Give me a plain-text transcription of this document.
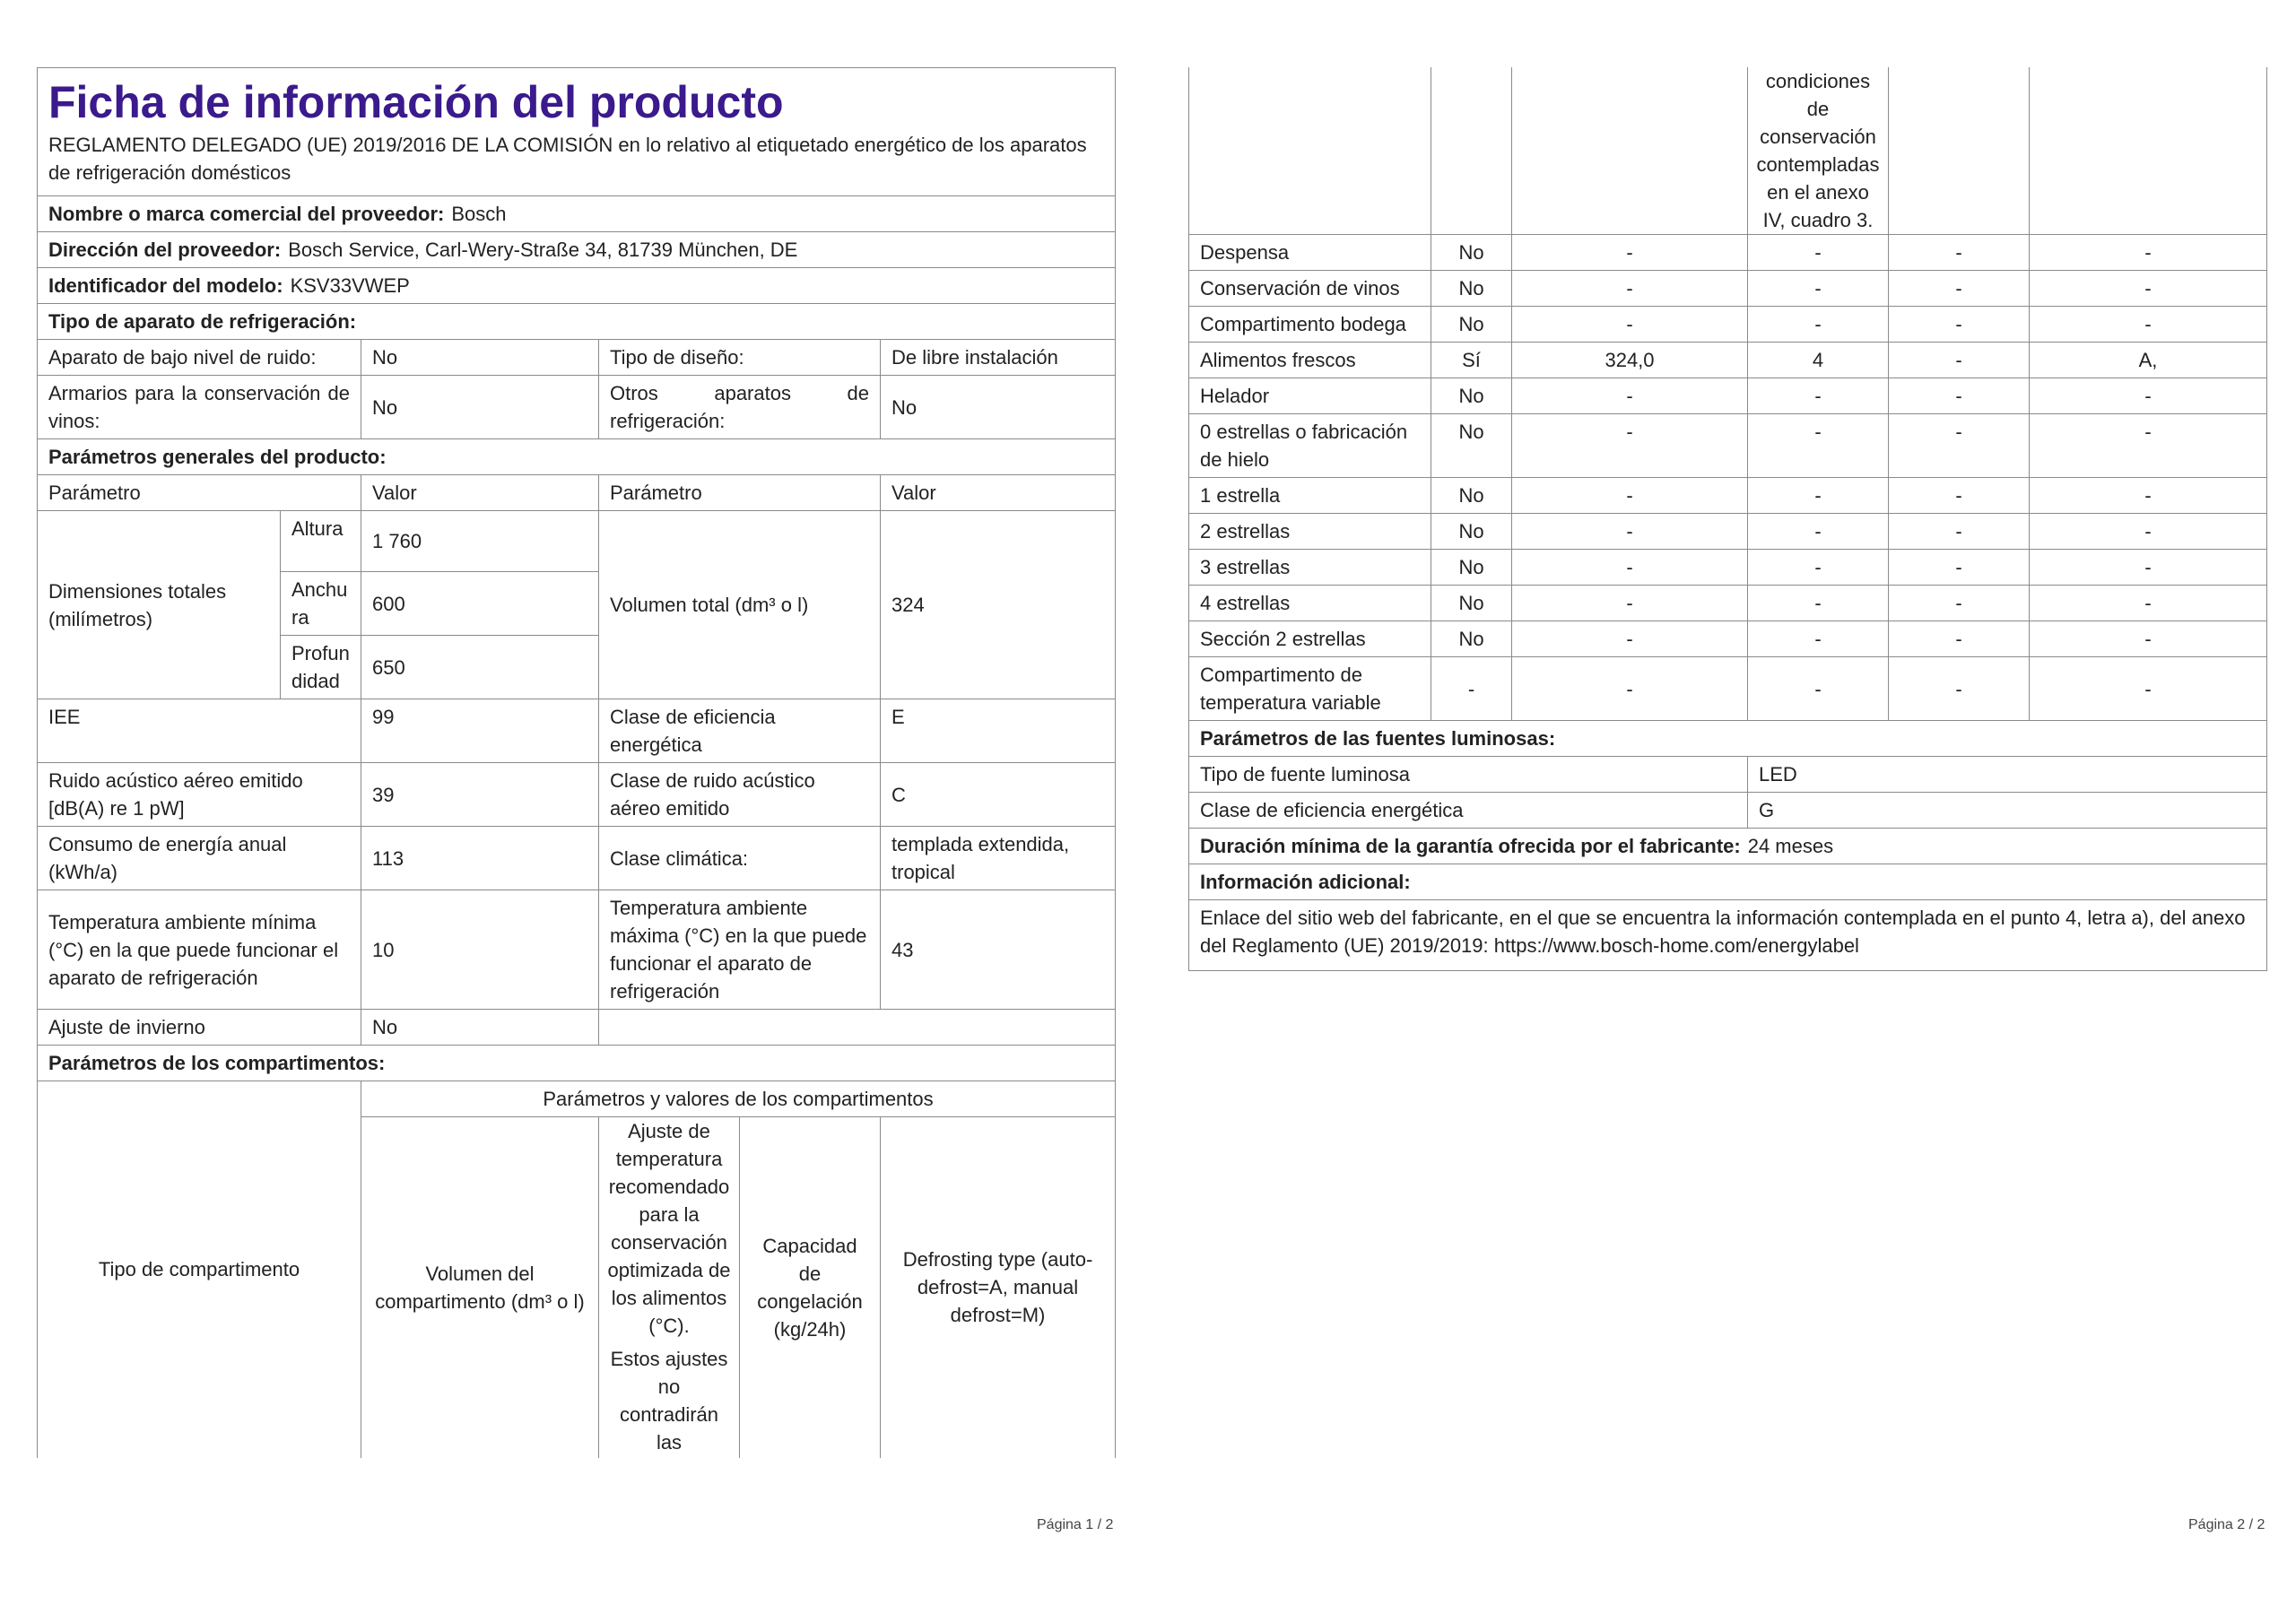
Ficha de información del producto
REGLAMENTO DELEGADO (UE) 2019/2016 DE LA COMISIÓN en lo relativo al etiquetado energético de los aparatos de refrigeración domésticos					

Nombre o marca comercial del proveedor: Bosch					
Dirección del proveedor: Bosch Service, Carl-Wery-Straße 34, 81739 München, DE					
Identificador del modelo: KSV33VWEP					
Tipo de aparato de refrigeración:					
Aparato de bajo nivel de ruido:		No	Tipo de diseño:		De libre instalación
Armarios para la conservación de vinos:		No	Otros aparatos de refrigeración:		No
Parámetros generales del producto:					
Parámetro		Valor	Parámetro		Valor
Dimensiones totales (milímetros)	Altura	1 760	Volumen total (dm³ o l)		324
	Anchura	600			
	Profundidad	650			
IEE		99	Clase de eficiencia energética		E
Ruido acústico aéreo emitido [dB(A) re 1 pW]		39	Clase de ruido acústico aéreo emitido		C
Consumo de energía anual (kWh/a)		113	Clase climática:		templada extendida, tropical
Temperatura ambiente mínima (°C) en la que puede funcionar el aparato de refrigeración		10	Temperatura ambiente máxima (°C) en la que puede funcionar el aparato de refrigeración		43
Ajuste de invierno		No			
Parámetros de los compartimentos:					
Tipo de compartimento		Parámetros y valores de los compartimentos			
		Volumen del compartimento (dm³ o l)	Ajuste de temperatura recomendado para la conservación optimizada de los alimentos (°C).
Estos ajustes no contradirán las	Capacidad de congelación (kg/24h)	Defrosting type (auto-defrost=A, manual defrost=M)
Página 1 / 2
			condiciones de conservación contempladas en el anexo IV, cuadro 3.		
Despensa	No	-	-	-	-
Conservación de vinos	No	-	-	-	-
Compartimento bodega	No	-	-	-	-
Alimentos frescos	Sí	324,0	4	-	A,
Helador	No	-	-	-	-
0 estrellas o fabricación de hielo	No	-	-	-	-
1 estrella	No	-	-	-	-
2 estrellas	No	-	-	-	-
3 estrellas	No	-	-	-	-
4 estrellas	No	-	-	-	-
Sección 2 estrellas	No	-	-	-	-
Compartimento de temperatura variable	-	-	-	-	-
Parámetros de las fuentes luminosas:					
Tipo de fuente luminosa			LED		
Clase de eficiencia energética			G		
Duración mínima de la garantía ofrecida por el fabricante: 24 meses					
Información adicional:					
Enlace del sitio web del fabricante, en el que se encuentra la información contemplada en el punto 4, letra a), del anexo del Reglamento (UE) 2019/2019: https://www.bosch-home.com/energylabel					
Página 2 / 2
